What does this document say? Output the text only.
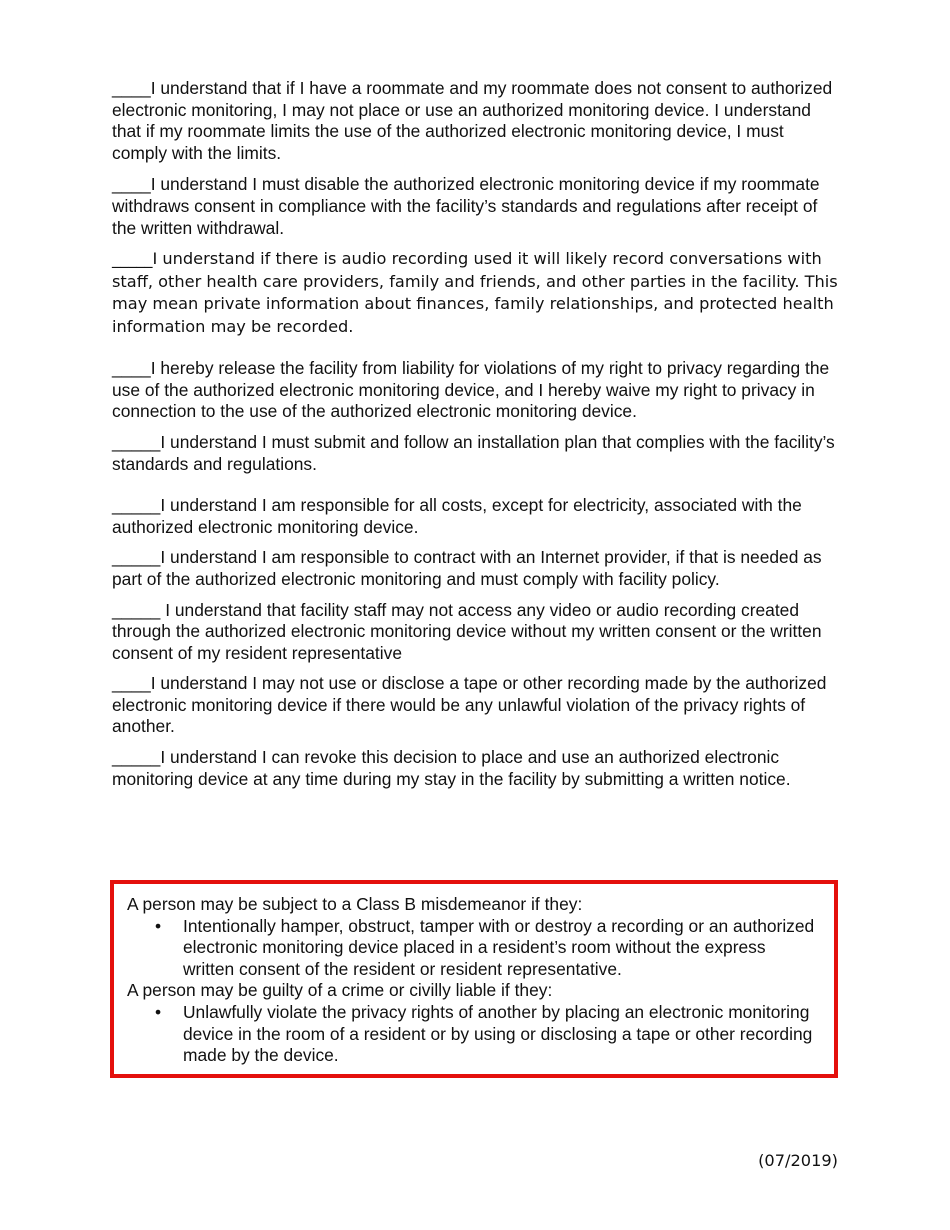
____I understand that if I have a roommate and my roommate does not consent to authorized electronic monitoring, I may not place or use an authorized monitoring device. I understand that if my roommate limits the use of the authorized electronic monitoring device, I must comply with the limits.

____I understand I must disable the authorized electronic monitoring device if my roommate withdraws consent in compliance with the facility’s standards and regulations after receipt of the written withdrawal.

_____I understand if there is audio recording used it will likely record conversations with staff, other health care providers, family and friends, and other parties in the facility. This may mean private information about finances, family relationships, and protected health information may be recorded.

____I hereby release the facility from liability for violations of my right to privacy regarding the use of the authorized electronic monitoring device, and I hereby waive my right to privacy in connection to the use of the authorized electronic monitoring device.

_____I understand I must submit and follow an installation plan that complies with the facility’s standards and regulations.

_____I understand I am responsible for all costs, except for electricity, associated with the authorized electronic monitoring device.

_____I understand I am responsible to contract with an Internet provider, if that is needed as part of the authorized electronic monitoring and must comply with facility policy.

_____ I understand that facility staff may not access any video or audio recording created through the authorized electronic monitoring device without my written consent or the written consent of my resident representative

____I understand I may not use or disclose a tape or other recording made by the authorized electronic monitoring device if there would be any unlawful violation of the privacy rights of another.

_____I understand I can revoke this decision to place and use an authorized electronic monitoring device at any time during my stay in the facility by submitting a written notice.

A person may be subject to a Class B misdemeanor if they:

• Intentionally hamper, obstruct, tamper with or destroy a recording or an authorized electronic monitoring device placed in a resident’s room without the express written consent of the resident or resident representative.

A person may be guilty of a crime or civilly liable if they:

• Unlawfully violate the privacy rights of another by placing an electronic monitoring device in the room of a resident or by using or disclosing a tape or other recording made by the device.
(07/2019)
